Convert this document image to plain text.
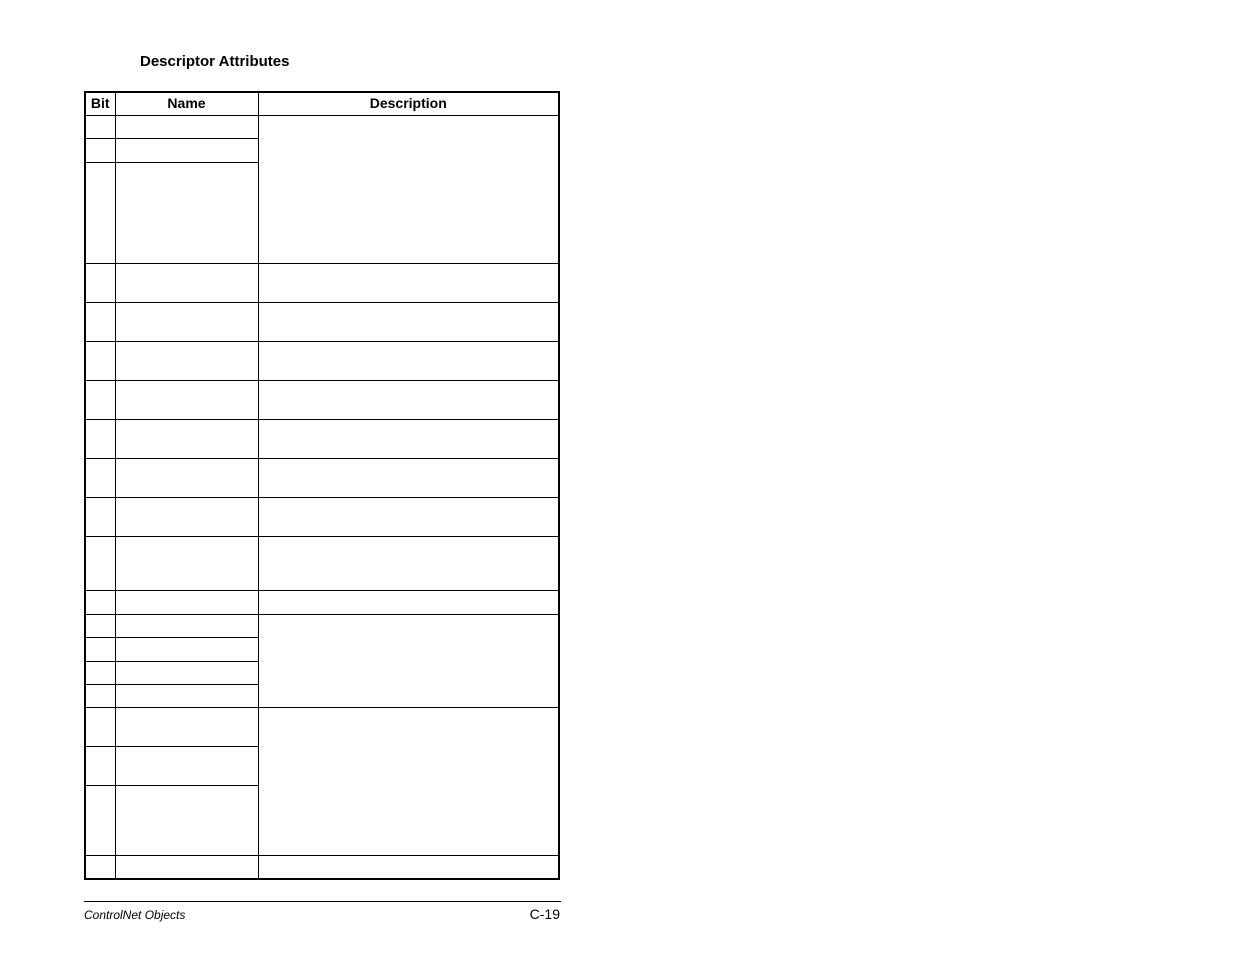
Descriptor Attributes
Bit	Name	Description

ControlNet Objects	C-19
